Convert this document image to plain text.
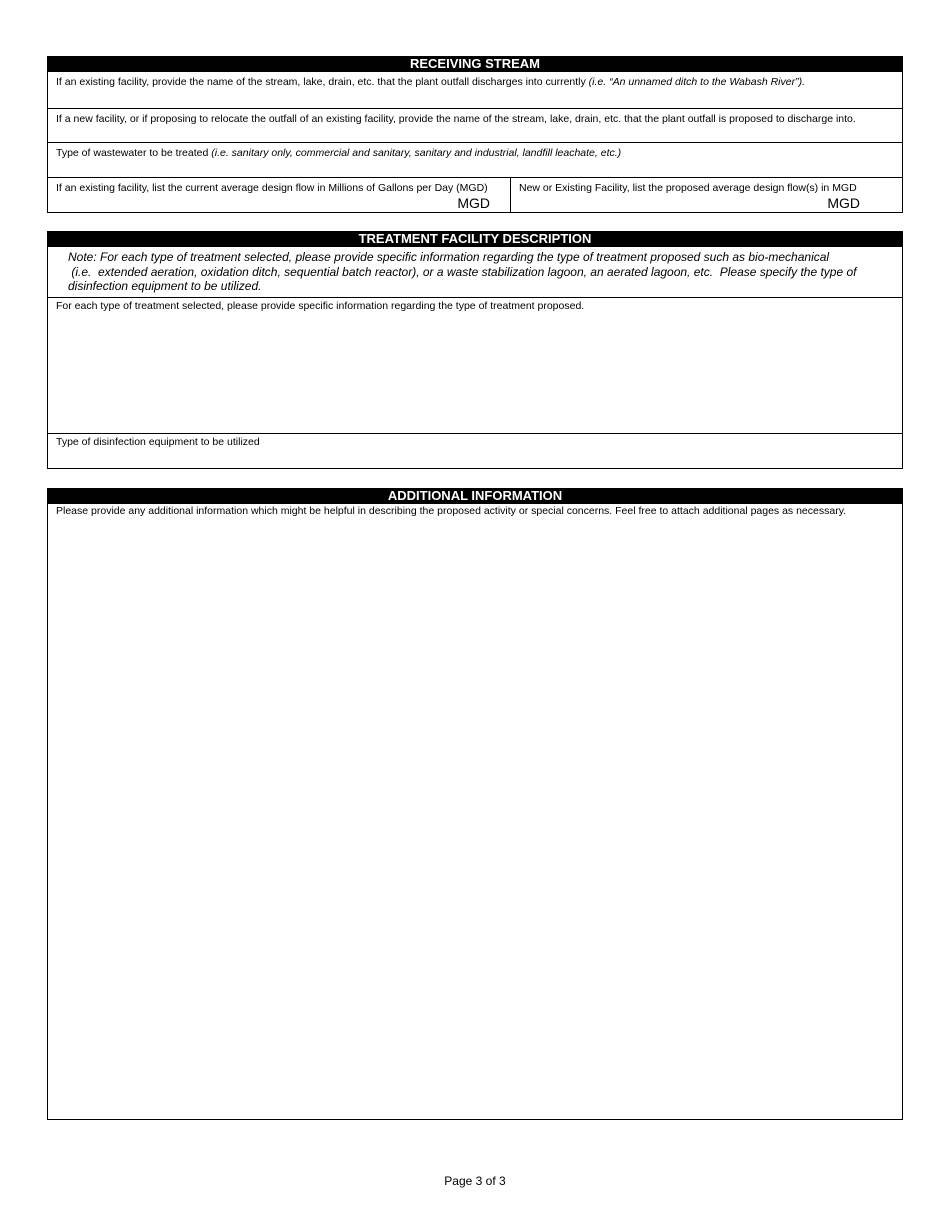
RECEIVING STREAM
If an existing facility, provide the name of the stream, lake, drain, etc. that the plant outfall discharges into currently (i.e. “An unnamed ditch to the Wabash River”).
If a new facility, or if proposing to relocate the outfall of an existing facility, provide the name of the stream, lake, drain, etc. that the plant outfall is proposed to discharge into.
Type of wastewater to be treated (i.e. sanitary only, commercial and sanitary, sanitary and industrial, landfill leachate, etc.)
If an existing facility, list the current average design flow in Millions of Gallons per Day (MGD)
MGD
New or Existing Facility, list the proposed average design flow(s) in MGD
MGD
TREATMENT FACILITY DESCRIPTION
Note: For each type of treatment selected, please provide specific information regarding the type of treatment proposed such as bio-mechanical
(i.e.  extended aeration, oxidation ditch, sequential batch reactor), or a waste stabilization lagoon, an aerated lagoon, etc.  Please specify the type of
disinfection equipment to be utilized.
For each type of treatment selected, please provide specific information regarding the type of treatment proposed.
Type of disinfection equipment to be utilized
ADDITIONAL INFORMATION
Please provide any additional information which might be helpful in describing the proposed activity or special concerns. Feel free to attach additional pages as necessary.
Page 3 of 3
